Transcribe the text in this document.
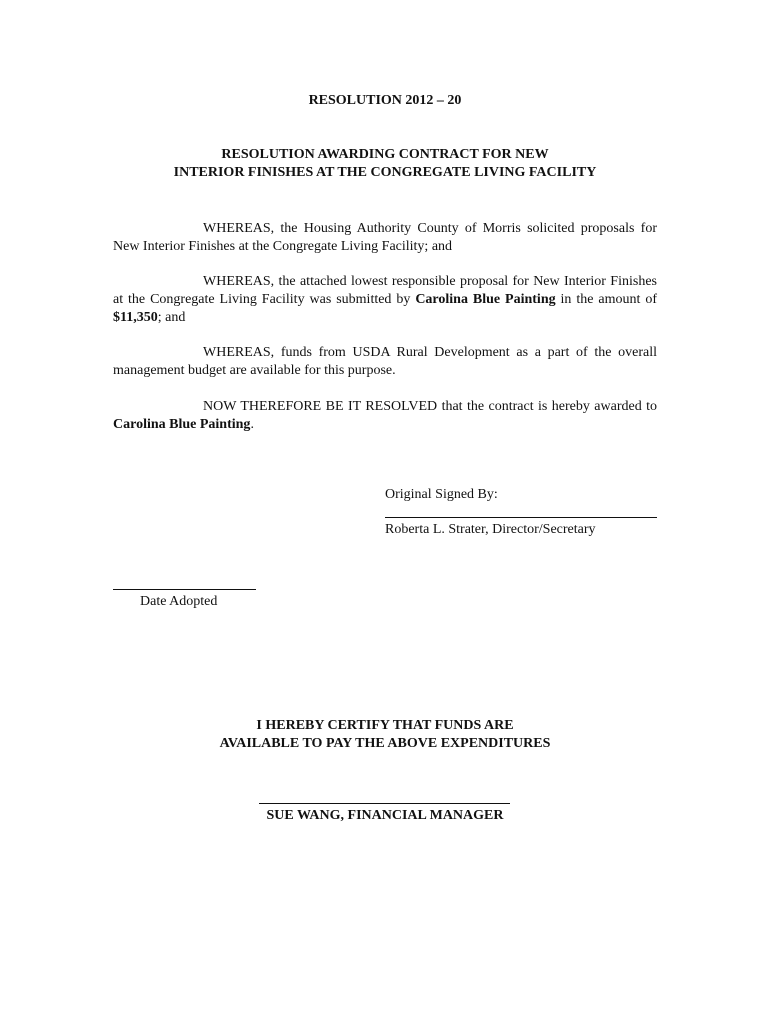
RESOLUTION 2012 – 20
RESOLUTION AWARDING CONTRACT FOR NEW
INTERIOR FINISHES AT THE CONGREGATE LIVING FACILITY
WHEREAS, the Housing Authority County of Morris solicited proposals for New Interior Finishes at the Congregate Living Facility; and
WHEREAS, the attached lowest responsible proposal for New Interior Finishes at the Congregate Living Facility was submitted by Carolina Blue Painting in the amount of $11,350; and
WHEREAS, funds from USDA Rural Development as a part of the overall management budget are available for this purpose.
NOW THEREFORE BE IT RESOLVED that the contract is hereby awarded to Carolina Blue Painting.
Original Signed By:
Roberta L. Strater, Director/Secretary
Date Adopted
I HEREBY CERTIFY THAT FUNDS ARE
AVAILABLE TO PAY THE ABOVE EXPENDITURES
SUE WANG, FINANCIAL MANAGER
